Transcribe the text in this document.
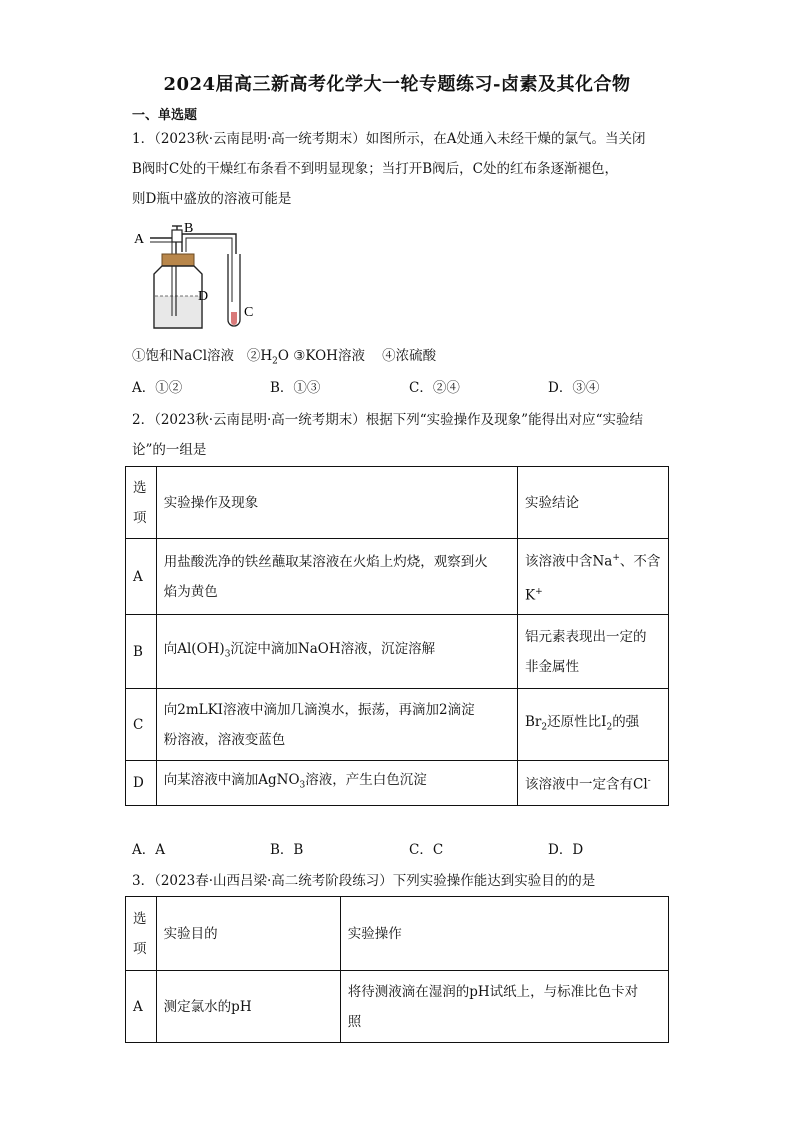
2024届高三新高考化学大一轮专题练习-卤素及其化合物
一、单选题
1．（2023秋·云南昆明·高一统考期末）如图所示，在A处通入未经干燥的氯气。当关闭
B阀时C处的干燥红布条看不到明显现象；当打开B阀后，C处的红布条逐渐褪色，
则D瓶中盛放的溶液可能是
A
B
D
C
①饱和NaCl溶液 $②H_2O$ ③KOH溶液 ④浓硫酸
A．①②	B．①③	C．②④	D．③④
2．（2023秋·云南昆明·高一统考期末）根据下列“实验操作及现象”能得出对应“实验结
论”的一组是
选
项	实验操作及现象	实验结论
A	用盐酸洗净的铁丝蘸取某溶液在火焰上灼烧，观察到火
焰为黄色	该溶液中含Na+、不含
K+
B	向$Al(OH)_3$沉淀中滴加NaOH溶液，沉淀溶解	铝元素表现出一定的
非金属性
C	向2mLKI溶液中滴加几滴溴水，振荡，再滴加2滴淀
粉溶液，溶液变蓝色	$Br_2$还原性比$I_2$的强
D	向某溶液中滴加AgNO$_3$溶液，产生白色沉淀	该溶液中一定含有Cl-
A．A	B．B	C．C	D．D
3．（2023春·山西吕梁·高二统考阶段练习）下列实验操作能达到实验目的的是
选
项	实验目的	实验操作
A	测定氯水的pH	将待测液滴在湿润的pH试纸上，与标准比色卡对
照
